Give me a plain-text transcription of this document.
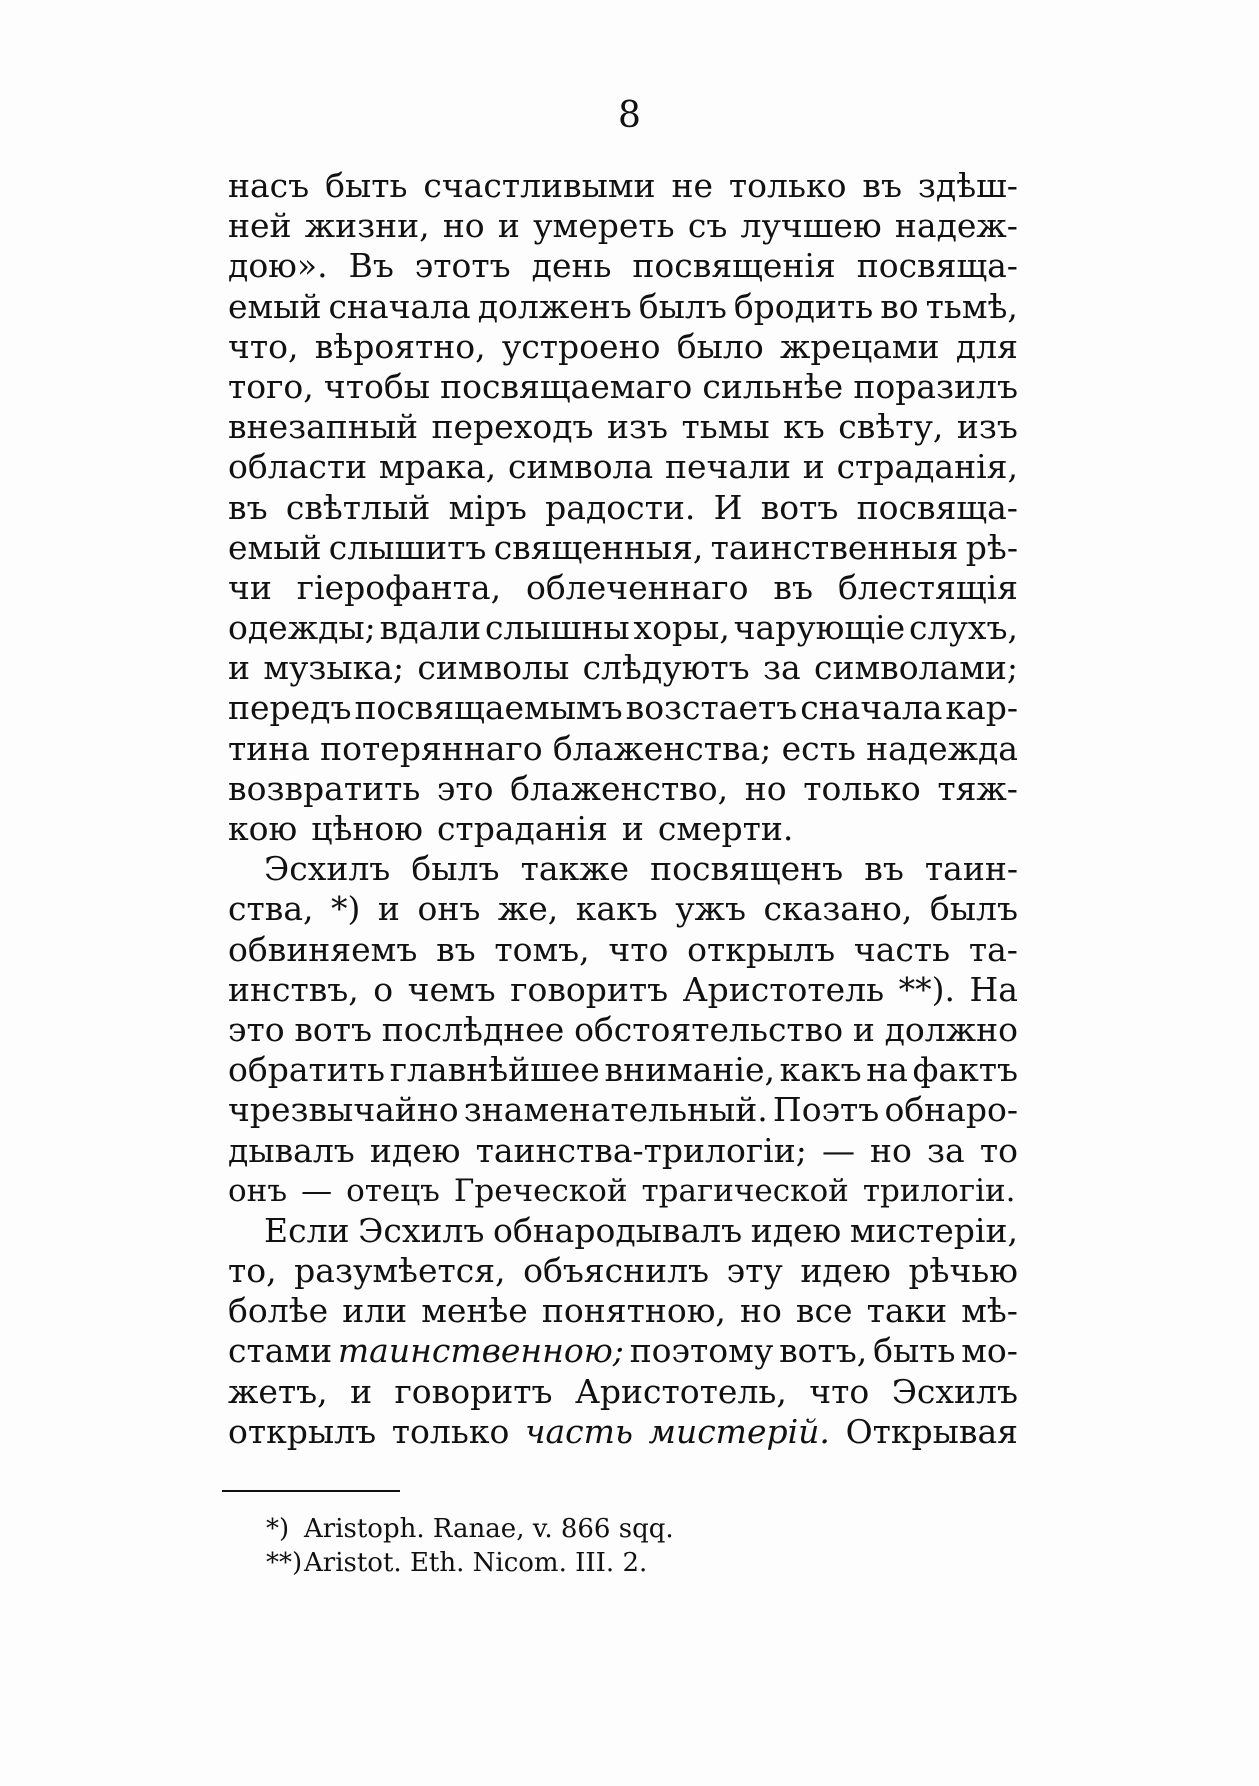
8
насъ быть счастливыми не только въ здѣш-
ней жизни, но и умереть съ лучшею надеж-
дою». Въ этотъ день посвященія посвяща-
емый сначала долженъ былъ бродить во тьмѣ,
что, вѣроятно, устроено было жрецами для
того, чтобы посвящаемаго сильнѣе поразилъ
внезапный переходъ изъ тьмы къ свѣту, изъ
области мрака, символа печали и страданія,
въ свѣтлый міръ радости. И вотъ посвяща-
емый слышитъ священныя, таинственныя рѣ-
чи гіерофанта, облеченнаго въ блестящія
одежды; вдали слышны хоры, чарующіе слухъ,
и музыка; символы слѣдуютъ за символами;
передъ посвящаемымъ возстаетъ сначала кар-
тина потеряннаго блаженства; есть надежда
возвратить это блаженство, но только тяж-
кою цѣною страданія и смерти.
Эсхилъ былъ также посвященъ въ таин-
ства, *) и онъ же, какъ ужъ сказано, былъ
обвиняемъ въ томъ, что открылъ часть та-
инствъ, о чемъ говоритъ Аристотель **). На
это вотъ послѣднее обстоятельство и должно
обратить главнѣйшее вниманіе, какъ на фактъ
чрезвычайно знаменательный. Поэтъ обнаро-
дывалъ идею таинства-трилогіи; — но за то
онъ — отецъ Греческой трагической трилогіи.
Если Эсхилъ обнародывалъ идею мистеріи,
то, разумѣется, объяснилъ эту идею рѣчью
болѣе или менѣе понятною, но все таки мѣ-
стами таинственною; поэтому вотъ, быть мо-
жетъ, и говоритъ Аристотель, что Эсхилъ
открылъ только часть мистерій. Открывая
*) Aristoph. Ranae, v. 866 sqq.
**)Aristot. Eth. Nicom. III. 2.
